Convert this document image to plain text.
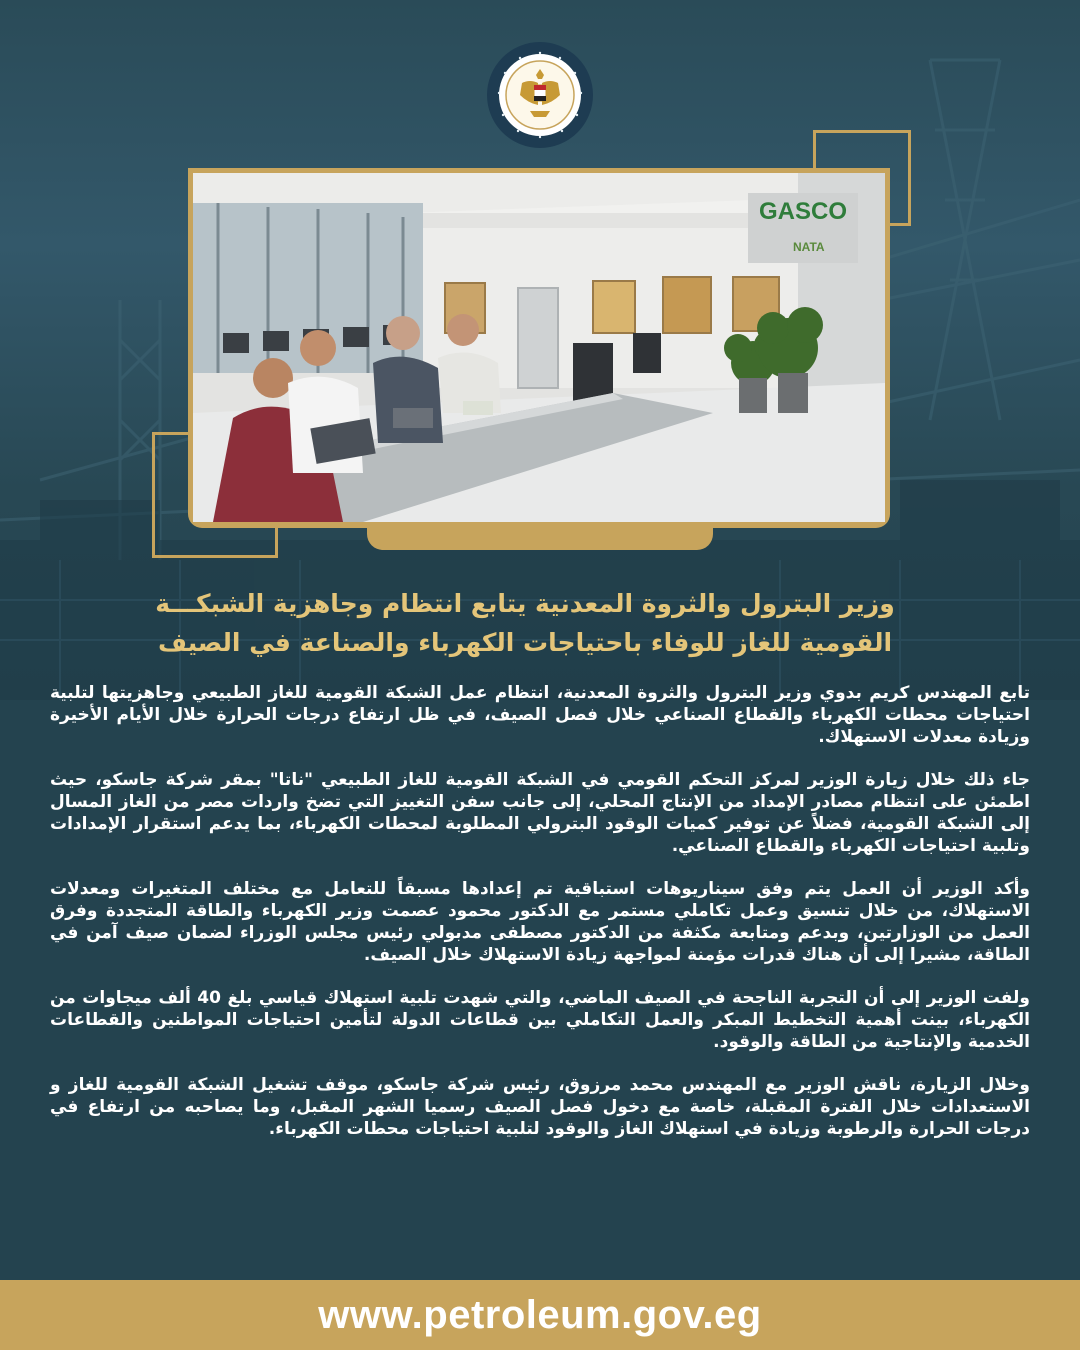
GASCO
NATA
وزير البترول والثروة المعدنية يتابع انتظام وجاهزية الشبكـــة
القومية للغاز للوفاء باحتياجات الكهرباء والصناعة في الصيف

تابع المهندس كريم بدوي وزير البترول والثروة المعدنية، انتظام عمل الشبكة القومية للغاز الطبيعي وجاهزيتها لتلبية احتياجات محطات الكهرباء والقطاع الصناعي خلال فصل الصيف، في ظل ارتفاع درجات الحرارة خلال الأيام الأخيرة وزيادة معدلات الاستهلاك.

جاء ذلك خلال زيارة الوزير لمركز التحكم القومي في الشبكة القومية للغاز الطبيعي "ناتا" بمقر شركة جاسكو، حيث اطمئن على انتظام مصادر الإمداد من الإنتاج المحلي، إلى جانب سفن التغييز التي تضخ واردات مصر من الغاز المسال إلى الشبكة القومية، فضلاً عن توفير كميات الوقود البترولي المطلوبة لمحطات الكهرباء، بما يدعم استقرار الإمدادات وتلبية احتياجات الكهرباء والقطاع الصناعي.

وأكد الوزير أن العمل يتم وفق سيناريوهات استباقية تم إعدادها مسبقاً للتعامل مع مختلف المتغيرات ومعدلات الاستهلاك، من خلال تنسيق وعمل تكاملي مستمر مع الدكتور محمود عصمت وزير الكهرباء والطاقة المتجددة وفرق العمل من الوزارتين، وبدعم ومتابعة مكثفة من الدكتور مصطفى مدبولي رئيس مجلس الوزراء لضمان صيف آمن في الطاقة، مشيرا إلى أن هناك قدرات مؤمنة لمواجهة زيادة الاستهلاك خلال الصيف.

ولفت الوزير إلى أن التجربة الناجحة في الصيف الماضي، والتي شهدت تلبية استهلاك قياسي بلغ 40 ألف ميجاوات من الكهرباء، بينت أهمية التخطيط المبكر والعمل التكاملي بين قطاعات الدولة لتأمين احتياجات المواطنين والقطاعات الخدمية والإنتاجية من الطاقة والوقود.

وخلال الزيارة، ناقش الوزير مع المهندس محمد مرزوق، رئيس شركة جاسكو، موقف تشغيل الشبكة القومية للغاز و الاستعدادات خلال الفترة المقبلة، خاصة مع دخول فصل الصيف رسميا الشهر المقبل، وما يصاحبه من ارتفاع في درجات الحرارة والرطوبة وزيادة في استهلاك الغاز والوقود لتلبية احتياجات محطات الكهرباء.

www.petroleum.gov.eg
